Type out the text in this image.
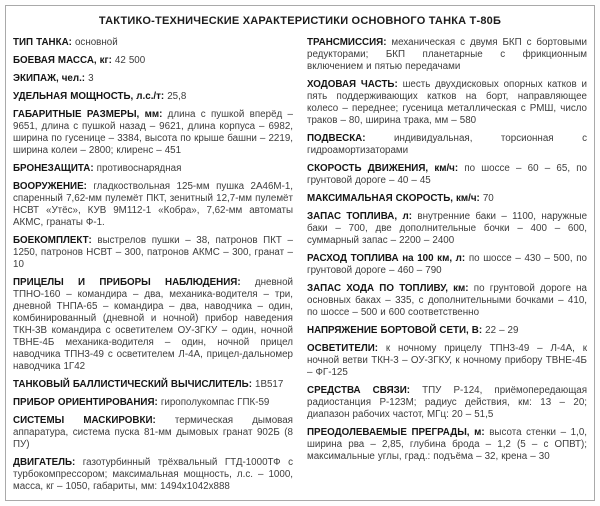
ТАКТИКО-ТЕХНИЧЕСКИЕ ХАРАКТЕРИСТИКИ ОСНОВНОГО ТАНКА Т-80Б

ТИП ТАНКА: основной

БОЕВАЯ МАССА, кг: 42 500

ЭКИПАЖ, чел.: 3

УДЕЛЬНАЯ МОЩНОСТЬ, л.с./т: 25,8

ГАБАРИТНЫЕ РАЗМЕРЫ, мм: длина с пушкой вперёд – 9651, длина с пушкой назад – 9621, длина корпуса – 6982, ширина по гусенице – 3384, высота по крыше башни – 2219, ширина колеи – 2800; клиренс – 451

БРОНЕЗАЩИТА: противоснарядная

ВООРУЖЕНИЕ: гладкоствольная 125-мм пушка 2А46М-1, спаренный 7,62-мм пулемёт ПКТ, зенитный 12,7-мм пулемёт НСВТ «Утёс», КУВ 9М112-1 «Кобра», 7,62-мм автоматы АКМС, гранаты Ф-1.

БОЕКОМПЛЕКТ: выстрелов пушки – 38, патронов ПКТ – 1250, патронов НСВТ – 300, патронов АКМС – 300, гранат – 10

ПРИЦЕЛЫ И ПРИБОРЫ НАБЛЮДЕНИЯ: дневной ТПНО-160 – командира – два, механика-водителя – три, дневной ТНПА-65 – командира – два, наводчика – один, комбинированный (дневной и ночной) прибор наведения ТКН-3В командира с осветителем ОУ-3ГКУ – один, ночной ТВНЕ-4Б механика-водителя – один, ночной прицел наводчика ТПН3-49 с осветителем Л-4А, прицел-дальномер наводчика 1Г42

ТАНКОВЫЙ БАЛЛИСТИЧЕСКИЙ ВЫЧИСЛИТЕЛЬ: 1В517

ПРИБОР ОРИЕНТИРОВАНИЯ: гирополукомпас ГПК-59

СИСТЕМЫ МАСКИРОВКИ: термическая дымовая аппаратура, система пуска 81-мм дымовых гранат 902Б (8 ПУ)

ДВИГАТЕЛЬ: газотурбинный трёхвальный ГТД-1000ТФ с турбокомпрессором; максимальная мощность, л.с. – 1000, масса, кг – 1050, габариты, мм: 1494х1042х888

ТРАНСМИССИЯ: механическая с двумя БКП с бортовыми редукторами; БКП планетарные с фрикционным включением и пятью передачами

ХОДОВАЯ ЧАСТЬ: шесть двухдисковых опорных катков и пять поддерживающих катков на борт, направляющее колесо – переднее; гусеница металлическая с РМШ, число траков – 80, ширина трака, мм – 580

ПОДВЕСКА:	индивидуальная, торсионная с гидроамортизаторами

СКОРОСТЬ ДВИЖЕНИЯ, км/ч: по шоссе – 60 – 65, по грунтовой дороге – 40 – 45

МАКСИМАЛЬНАЯ СКОРОСТЬ, км/ч: 70

ЗАПАС ТОПЛИВА, л: внутренние баки – 1100, наружные баки – 700, две дополнительные бочки – 400 – 600, суммарный запас – 2200 – 2400

РАСХОД ТОПЛИВА на 100 км, л: по шоссе – 430 – 500, по грунтовой дороге – 460 – 790

ЗАПАС ХОДА ПО ТОПЛИВУ, км: по грунтовой дороге на основных баках – 335, с дополнительными бочками – 410, по шоссе – 500 и 600 соответственно

НАПРЯЖЕНИЕ БОРТОВОЙ СЕТИ, В: 22 – 29

ОСВЕТИТЕЛИ: к ночному прицелу ТПН3-49 – Л-4А, к ночной ветви ТКН-3 – ОУ-3ГКУ, к ночному прибору ТВНЕ-4Б – ФГ-125

СРЕДСТВА СВЯЗИ: ТПУ Р-124, приёмопередающая радиостанция Р-123М; радиус действия, км: 13 – 20; диапазон рабочих частот, МГц: 20 – 51,5

ПРЕОДОЛЕВАЕМЫЕ ПРЕГРАДЫ, м: высота стенки – 1,0, ширина рва – 2,85, глубина брода – 1,2 (5 – с ОПВТ); максимальные углы, град.: подъёма – 32, крена – 30
